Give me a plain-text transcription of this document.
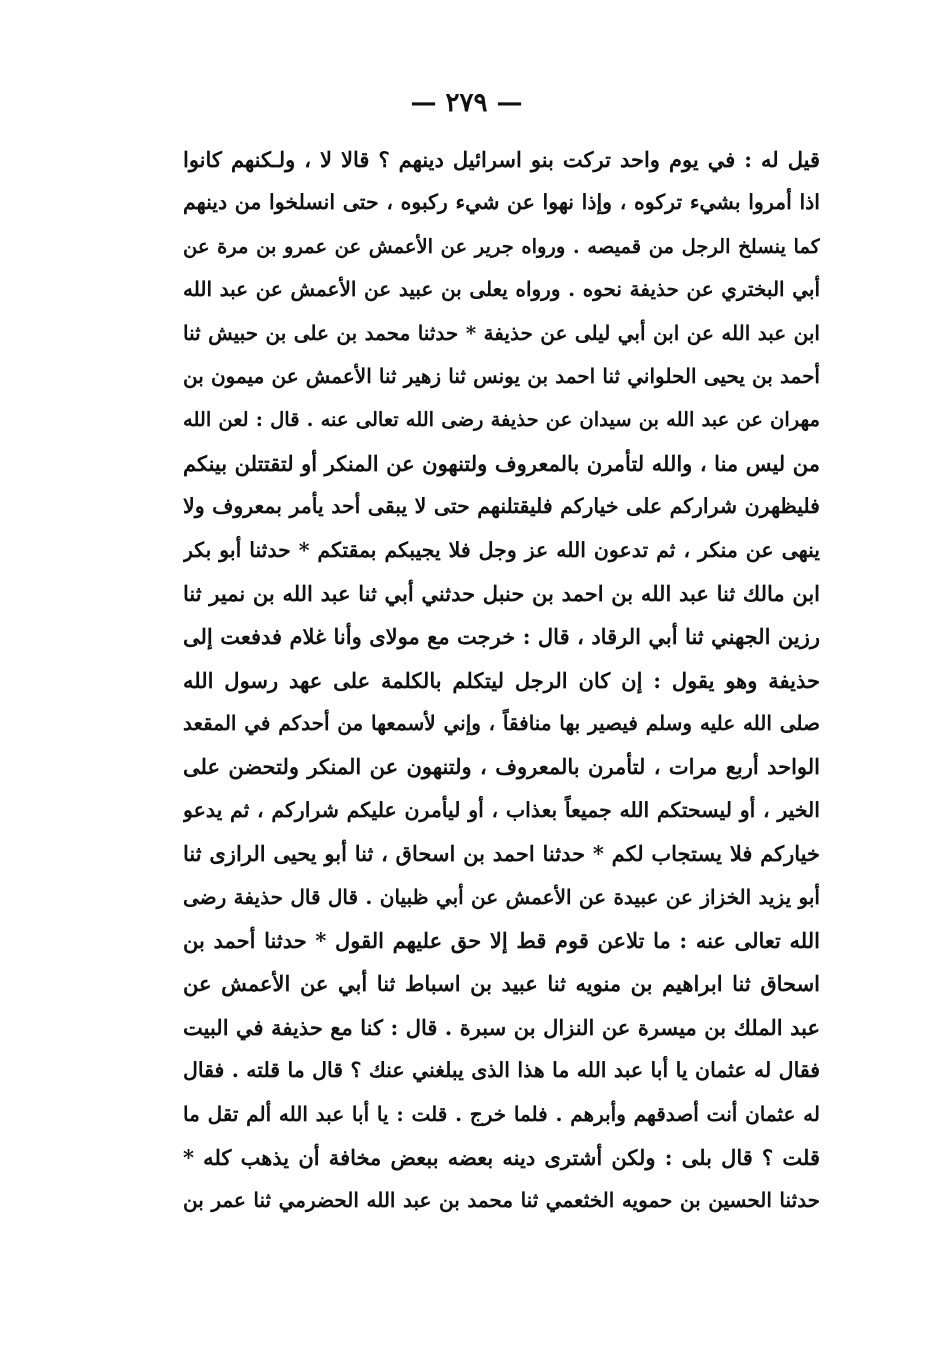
— ٢٧٩ —
قيل له : في يوم واحد تركت بنو اسرائيل دينهم ؟ قالا لا ، ولـكنهم كانوا
اذا أمروا بشيء تركوه ، وإذا نهوا عن شيء ركبوه ، حتى انسلخوا من دينهم
كما ينسلخ الرجل من قميصه . ورواه جرير عن الأعمش عن عمرو بن مرة عن
أبي البختري عن حذيفة نحوه . ورواه يعلى بن عبيد عن الأعمش عن عبد الله
ابن عبد الله عن ابن أبي ليلى عن حذيفة * حدثنا محمد بن على بن حبيش ثنا
أحمد بن يحيى الحلواني ثنا احمد بن يونس ثنا زهير ثنا الأعمش عن ميمون بن
مهران عن عبد الله بن سيدان عن حذيفة رضى الله تعالى عنه . قال : لعن الله
من ليس منا ، والله لتأمرن بالمعروف ولتنهون عن المنكر أو لتقتتلن بينكم
فليظهرن شراركم على خياركم فليقتلنهم حتى لا يبقى أحد يأمر بمعروف ولا
ينهى عن منكر ، ثم تدعون الله عز وجل فلا يجيبكم بمقتكم * حدثنا أبو بكر
ابن مالك ثنا عبد الله بن احمد بن حنبل حدثني أبي ثنا عبد الله بن نمير ثنا
رزين الجهني ثنا أبي الرقاد ، قال : خرجت مع مولاى وأنا غلام فدفعت إلى
حذيفة وهو يقول : إن كان الرجل ليتكلم بالكلمة على عهد رسول الله
صلى الله عليه وسلم فيصير بها منافقاً ، وإني لأسمعها من أحدكم في المقعد
الواحد أربع مرات ، لتأمرن بالمعروف ، ولتنهون عن المنكر ولتحضن على
الخير ، أو ليسحتكم الله جميعاً بعذاب ، أو ليأمرن عليكم شراركم ، ثم يدعو
خياركم فلا يستجاب لكم * حدثنا احمد بن اسحاق ، ثنا أبو يحيى الرازى ثنا
أبو يزيد الخزاز عن عبيدة عن الأعمش عن أبي ظبيان . قال قال حذيفة رضى
الله تعالى عنه : ما تلاعن قوم قط إلا حق عليهم القول * حدثنا أحمد بن
اسحاق ثنا ابراهيم بن منويه ثنا عبيد بن اسباط ثنا أبي عن الأعمش عن
عبد الملك بن ميسرة عن النزال بن سبرة . قال : كنا مع حذيفة في البيت
فقال له عثمان يا أبا عبد الله ما هذا الذى يبلغني عنك ؟ قال ما قلته . فقال
له عثمان أنت أصدقهم وأبرهم . فلما خرج . قلت : يا أبا عبد الله ألم تقل ما
قلت ؟ قال بلى : ولكن أشترى دينه بعضه ببعض مخافة أن يذهب كله *
حدثنا الحسين بن حمويه الخثعمي ثنا محمد بن عبد الله الحضرمي ثنا عمر بن
